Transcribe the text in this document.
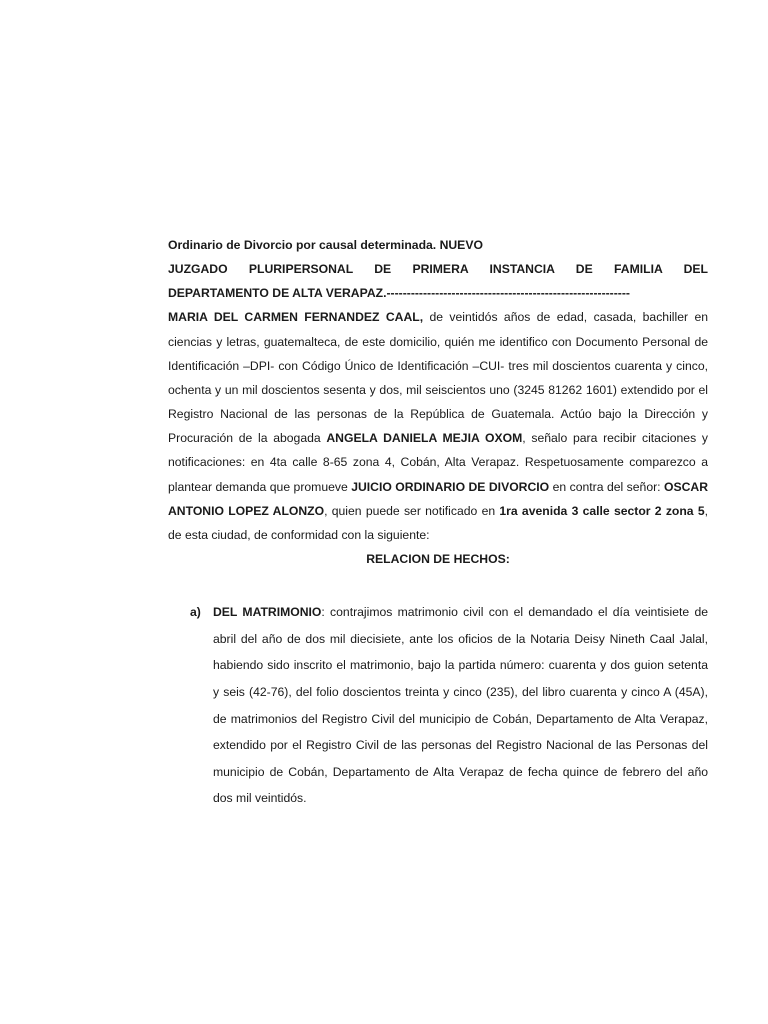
Ordinario de Divorcio por causal determinada. NUEVO

JUZGADO PLURIPERSONAL DE PRIMERA INSTANCIA DE FAMILIA DEL

DEPARTAMENTO DE ALTA VERAPAZ.------------------------------------------------------------

MARIA DEL CARMEN FERNANDEZ CAAL, de veintidós años de edad, casada, bachiller en ciencias y letras, guatemalteca, de este domicilio, quién me identifico con Documento Personal de Identificación –DPI- con Código Único de Identificación –CUI- tres mil doscientos cuarenta y cinco, ochenta y un mil doscientos sesenta y dos, mil seiscientos uno (3245 81262 1601) extendido por el Registro Nacional de las personas de la República de Guatemala. Actúo bajo la Dirección y Procuración de la abogada ANGELA DANIELA MEJIA OXOM, señalo para recibir citaciones y notificaciones: en 4ta calle 8-65 zona 4, Cobán, Alta Verapaz. Respetuosamente comparezco a plantear demanda que promueve JUICIO ORDINARIO DE DIVORCIO en contra del señor: OSCAR ANTONIO LOPEZ ALONZO, quien puede ser notificado en 1ra avenida 3 calle sector 2 zona 5, de esta ciudad, de conformidad con la siguiente:

RELACION DE HECHOS:

a) DEL MATRIMONIO: contrajimos matrimonio civil con el demandado el día veintisiete de abril del año de dos mil diecisiete, ante los oficios de la Notaria Deisy Nineth Caal Jalal, habiendo sido inscrito el matrimonio, bajo la partida número: cuarenta y dos guion setenta y seis (42-76), del folio doscientos treinta y cinco (235), del libro cuarenta y cinco A (45A), de matrimonios del Registro Civil del municipio de Cobán, Departamento de Alta Verapaz, extendido por el Registro Civil de las personas del Registro Nacional de las Personas del municipio de Cobán, Departamento de Alta Verapaz de fecha quince de febrero del año dos mil veintidós.
